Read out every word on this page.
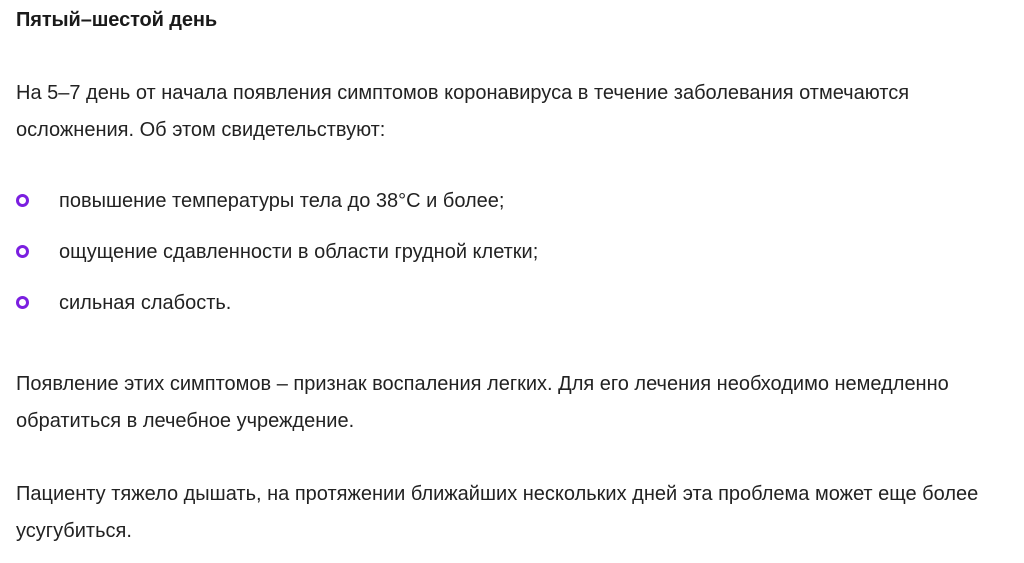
Пятый–шестой день

На 5–7 день от начала появления симптомов коронавируса в течение заболевания отмечаются осложнения. Об этом свидетельствуют:

повышение температуры тела до 38°С и более;
ощущение сдавленности в области грудной клетки;
сильная слабость.

Появление этих симптомов – признак воспаления легких. Для его лечения необходимо немедленно обратиться в лечебное учреждение.

Пациенту тяжело дышать, на протяжении ближайших нескольких дней эта проблема может еще более усугубиться.
